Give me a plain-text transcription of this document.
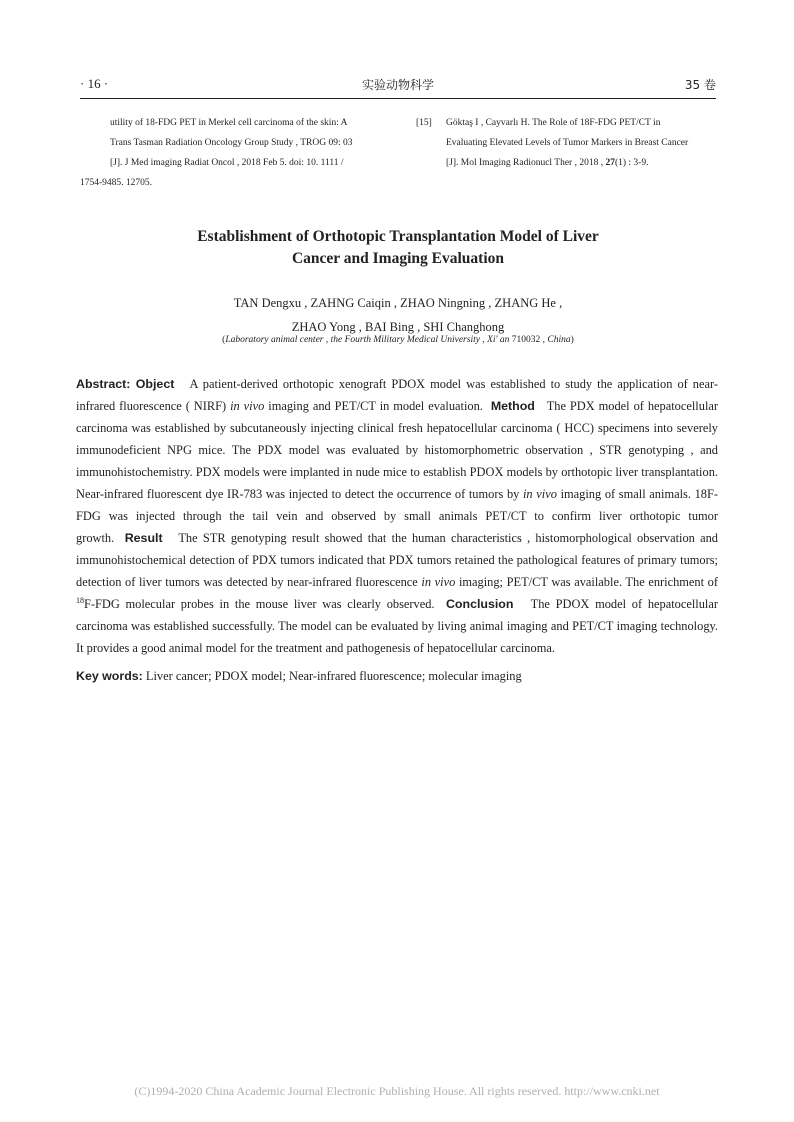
· 16 ·	实验动物科学	35 卷
utility of 18-FDG PET in Merkel cell carcinoma of the skin: A
Trans Tasman Radiation Oncology Group Study , TROG 09: 03
[J]. J Med imaging Radiat Oncol , 2018 Feb 5. doi: 10. 1111 /
1754-9485. 12705.
[15] Göktaş I , Cayvarlı H. The Role of 18F-FDG PET/CT in
Evaluating Elevated Levels of Tumor Markers in Breast Cancer
[J]. Mol Imaging Radionucl Ther , 2018 , 27(1) : 3-9.
Establishment of Orthotopic Transplantation Model of Liver
Cancer and Imaging Evaluation
TAN Dengxu , ZAHNG Caiqin , ZHAO Ningning , ZHANG He ,
ZHAO Yong , BAI Bing , SHI Changhong
(Laboratory animal center , the Fourth Military Medical University , Xi' an 710032 , China)
Abstract: Object A patient-derived orthotopic xenograft PDOX model was established to study the application of near-infrared fluorescence ( NIRF) in vivo imaging and PET/CT in model evaluation. Method The PDX model of hepatocellular carcinoma was established by subcutaneously injecting clinical fresh hepatocellular carcinoma ( HCC) specimens into severely immunodeficient NPG mice. The PDX model was evaluated by histomorphometric observation , STR genotyping , and immunohistochemistry. PDX models were implanted in nude mice to establish PDOX models by orthotopic liver transplantation. Near-infrared fluorescent dye IR-783 was injected to detect the occurrence of tumors by in vivo imaging of small animals. 18F-FDG was injected through the tail vein and observed by small animals PET/CT to confirm liver orthotopic tumor growth. Result The STR genotyping result showed that the human characteristics , histomorphological observation and immunohistochemical detection of PDX tumors indicated that PDX tumors retained the pathological features of primary tumors; detection of liver tumors was detected by near-infrared fluorescence in vivo imaging; PET/CT was available. The enrichment of $^{18}$F-FDG molecular probes in the mouse liver was clearly observed. Conclusion The PDOX model of hepatocellular carcinoma was established successfully. The model can be evaluated by living animal imaging and PET/CT imaging technology. It provides a good animal model for the treatment and pathogenesis of hepatocellular carcinoma.
Key words: Liver cancer; PDOX model; Near-infrared fluorescence; molecular imaging
(C)1994-2020 China Academic Journal Electronic Publishing House. All rights reserved. http://www.cnki.net
